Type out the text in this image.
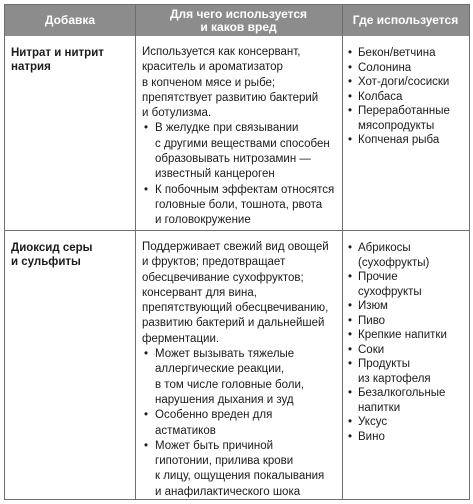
Добавка	Для чего используется
и каков вред	Где используется
Нитрат и нитрит
натрия
Используется как консервант,
краситель и ароматизатор
в копченом мясе и рыбе;
препятствует развитию бактерий
и ботулизма.
• В желудке при связывании
с другими веществами способен
образовывать нитрозамин —
известный канцероген
• К побочным эффектам относятся
головные боли, тошнота, рвота
и головокружение
• Бекон/ветчина
• Солонина
• Хот-доги/сосиски
• Колбаса
• Переработанные
мясопродукты
• Копченая рыба
Диоксид серы
и сульфиты
Поддерживает свежий вид овощей
и фруктов; предотвращает
обесцвечивание сухофруктов;
консервант для вина,
препятствующий обесцвечиванию,
развитию бактерий и дальнейшей
ферментации.
• Может вызывать тяжелые
аллергические реакции,
в том числе головные боли,
нарушения дыхания и зуд
• Особенно вреден для
астматиков
• Может быть причиной
гипотонии, прилива крови
к лицу, ощущения покалывания
и анафилактического шока
• Абрикосы
(сухофрукты)
• Прочие
сухофрукты
• Изюм
• Пиво
• Крепкие напитки
• Соки
• Продукты
из картофеля
• Безалкогольные
напитки
• Уксус
• Вино
